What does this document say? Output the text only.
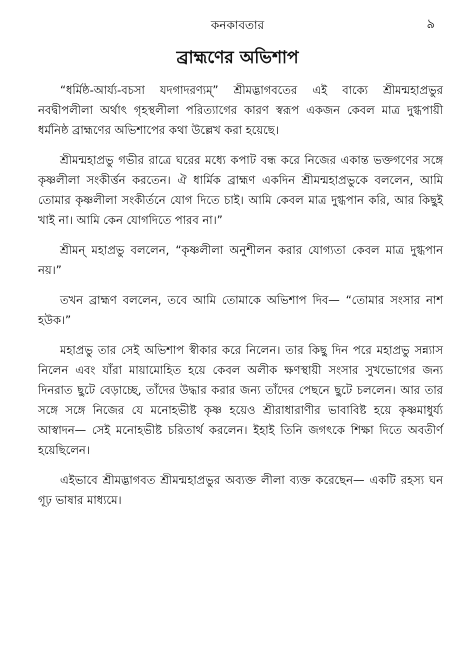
কনকাবতার	৯
ব্রাহ্মণের অভিশাপ

“ধর্মিষ্ঠ-আর্য্য-বচসা যদগাদরণ্যম্” শ্রীমদ্ভাগবতের এই বাক্যে শ্রীমন্মহাপ্রভুর নবদ্বীপলীলা অর্থাৎ গৃহস্থলীলা পরিত্যাগের কারণ স্বরূপ একজন কেবল মাত্র দুগ্ধপায়ী ধর্মনিষ্ঠ ব্রাহ্মণের অভিশাপের কথা উল্লেখ করা হয়েছে।

শ্রীমন্মহাপ্রভু গভীর রাত্রে ঘরের মধ্যে কপাট বন্ধ করে নিজের একান্ত ভক্তগণের সঙ্গে কৃষ্ণলীলা সংকীর্ত্তন করতেন। ঐ ধার্মিক ব্রাহ্মণ একদিন শ্রীমন্মহাপ্রভুকে বললেন, আমি তোমার কৃষ্ণলীলা সংকীর্তনে যোগ দিতে চাই। আমি কেবল মাত্র দুগ্ধপান করি, আর কিছুই খাই না। আমি কেন যোগদিতে পারব না।”

শ্রীমন্ মহাপ্রভু বললেন, “কৃষ্ণলীলা অনুশীলন করার যোগ্যতা কেবল মাত্র দুগ্ধপান নয়।”

তখন ব্রাহ্মণ বললেন, তবে আমি তোমাকে অভিশাপ দিব— “তোমার সংসার নাশ হউক।”

মহাপ্রভু তার সেই অভিশাপ স্বীকার করে নিলেন। তার কিছু দিন পরে মহাপ্রভু সন্ন্যাস নিলেন এবং যাঁরা মায়ামোহিত হয়ে কেবল অলীক ক্ষণস্থায়ী সংসার সুখভোগের জন্য দিনরাত ছুটে বেড়াচ্ছে, তাঁদের উদ্ধার করার জন্য তাঁদের পেছনে ছুটে চললেন। আর তার সঙ্গে সঙ্গে নিজের যে মনোহভীষ্ট কৃষ্ণ হয়েও শ্রীরাধারাণীর ভাবাবিষ্ট হয়ে কৃষ্ণমাধুর্য্য আস্বাদন— সেই মনোহভীষ্ট চরিতার্থ করলেন। ইহাই তিনি জগৎকে শিক্ষা দিতে অবতীর্ণ হয়েছিলেন।

এইভাবে শ্রীমদ্ভাগবত শ্রীমন্মহাপ্রভুর অব্যক্ত লীলা ব্যক্ত করেছেন— একটি রহস্য ঘন গূঢ় ভাষার মাধ্যমে।
